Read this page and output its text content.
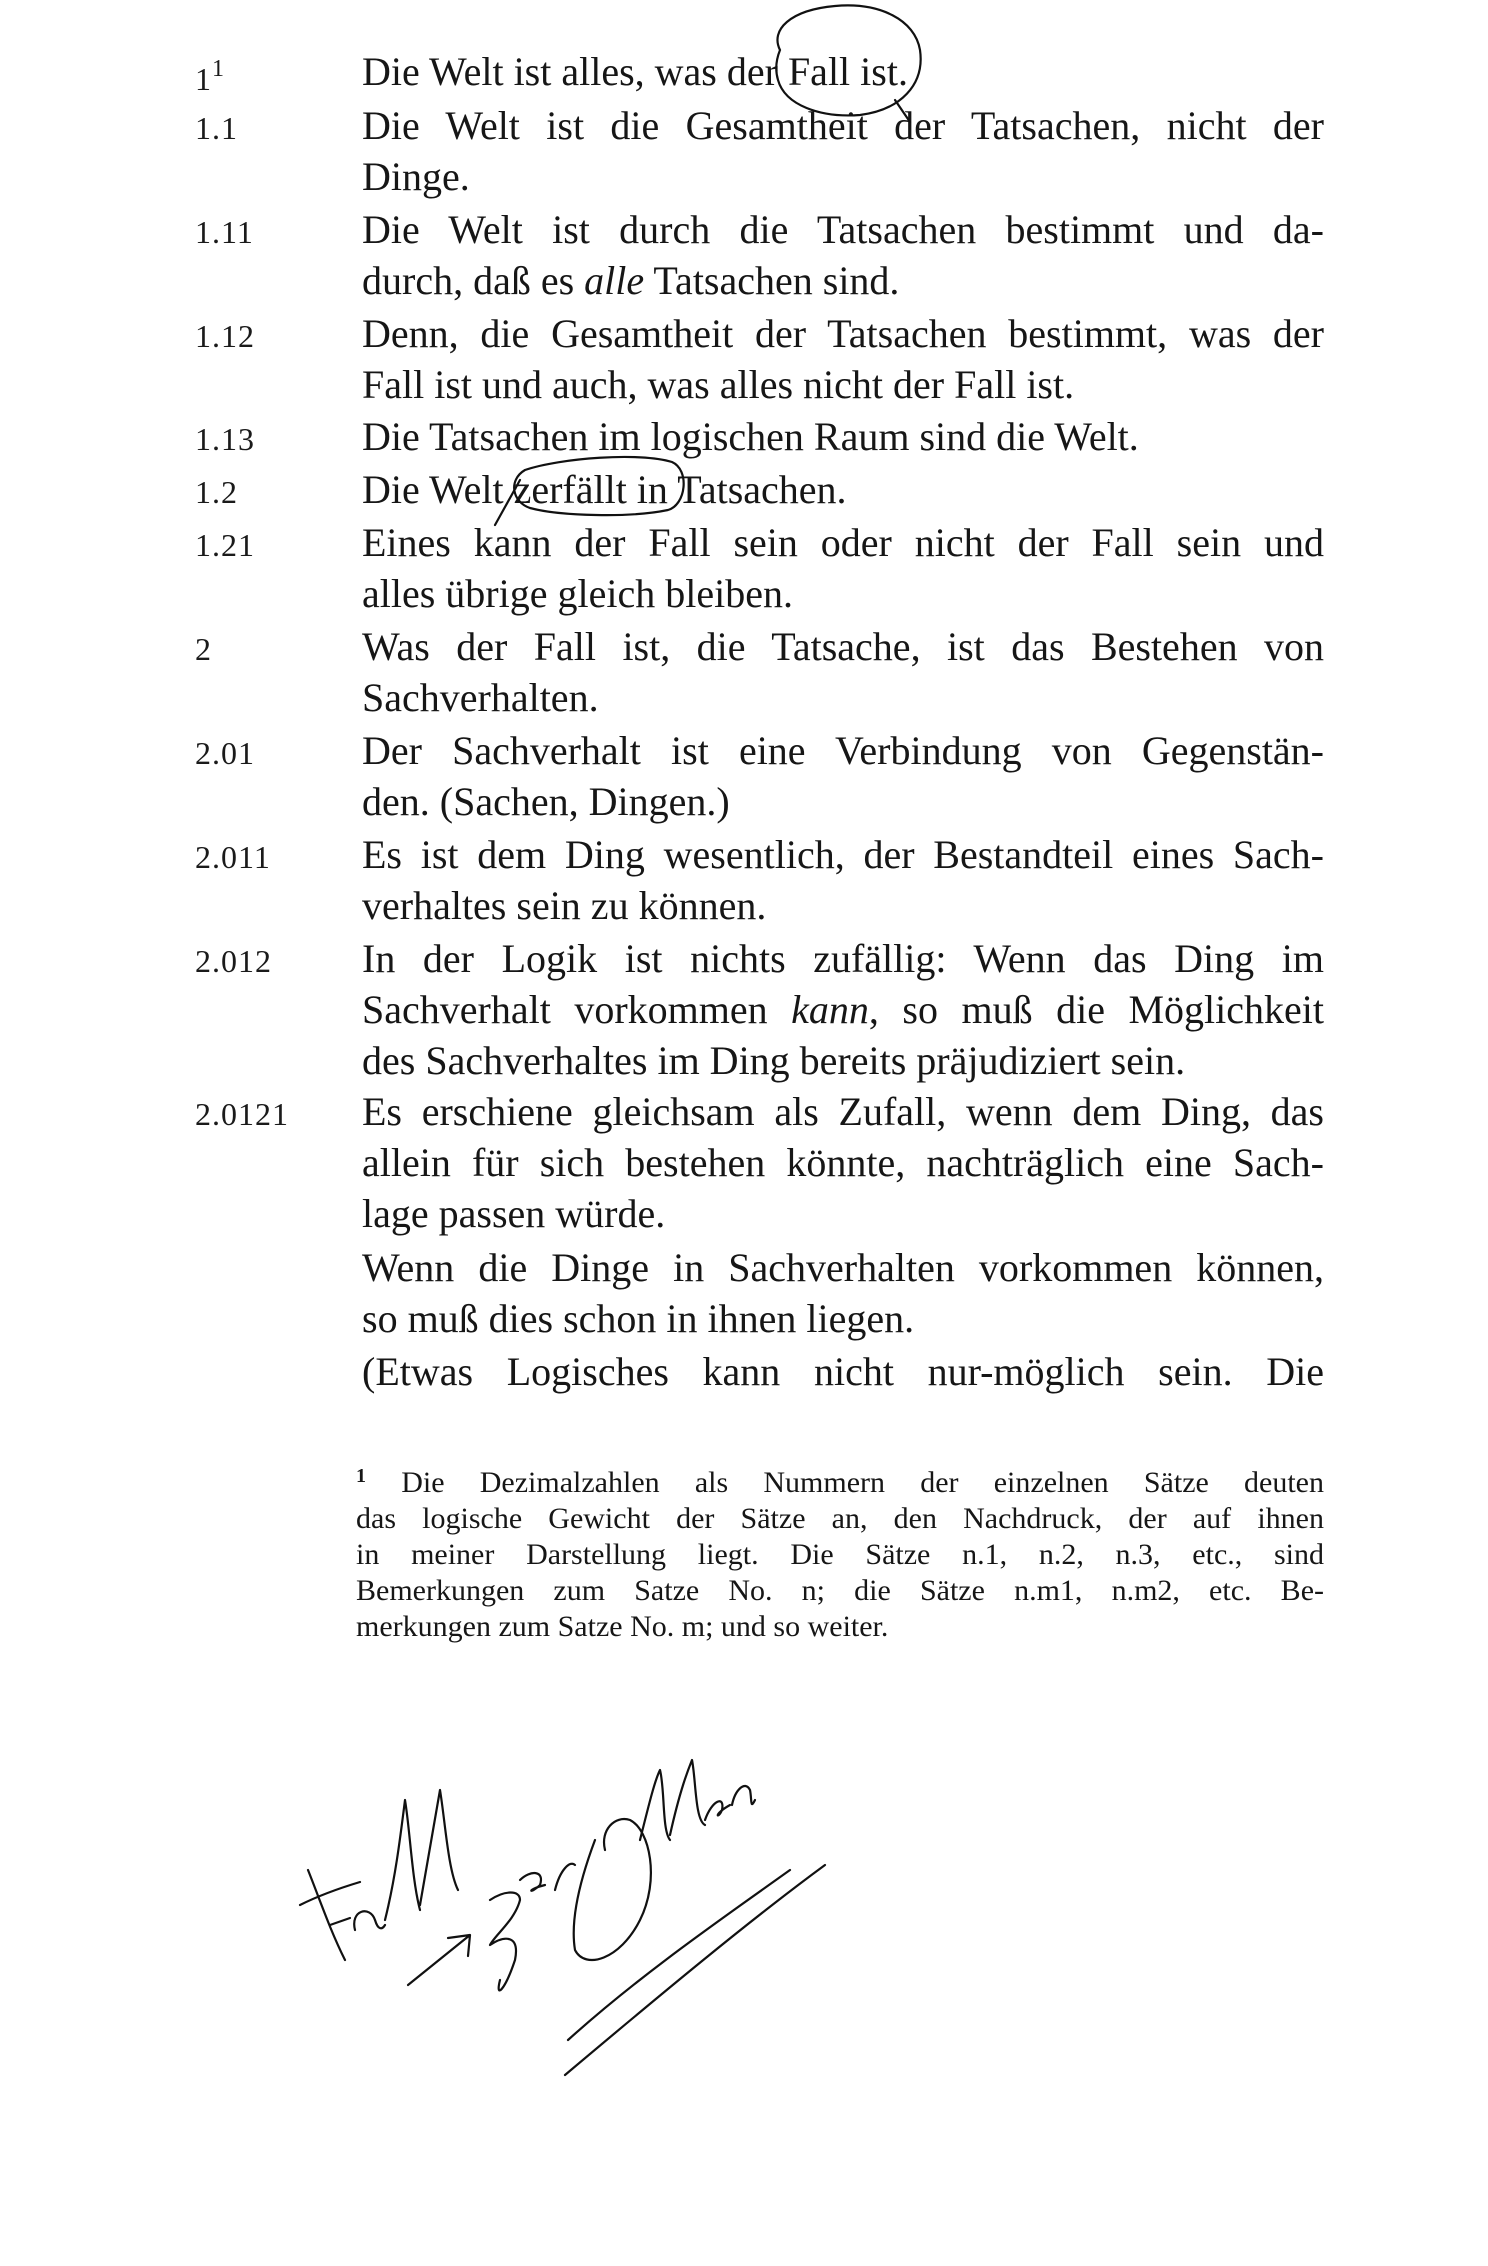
$1^1$	Die Welt ist alles, was der Fall ist.
1.1	Die Welt ist die Gesamtheit der Tatsachen, nicht der
Dinge.
1.11	Die Welt ist durch die Tatsachen bestimmt und da-
durch, daß es alle Tatsachen sind.
1.12	Denn, die Gesamtheit der Tatsachen bestimmt, was der
Fall ist und auch, was alles nicht der Fall ist.
1.13	Die Tatsachen im logischen Raum sind die Welt.
1.2	Die Welt zerfällt in Tatsachen.
1.21	Eines kann der Fall sein oder nicht der Fall sein und
alles übrige gleich bleiben.
2	Was der Fall ist, die Tatsache, ist das Bestehen von
Sachverhalten.
2.01	Der Sachverhalt ist eine Verbindung von Gegenstän-
den. (Sachen, Dingen.)
2.011 Es ist dem Ding wesentlich, der Bestandteil eines Sach-
verhaltes sein zu können.
2.012 In der Logik ist nichts zufällig: Wenn das Ding im
Sachverhalt vorkommen kann, so muß die Möglichkeit
des Sachverhaltes im Ding bereits präjudiziert sein.
2.0121 Es erschiene gleichsam als Zufall, wenn dem Ding, das
allein für sich bestehen könnte, nachträglich eine Sach-
lage passen würde.
Wenn die Dinge in Sachverhalten vorkommen können,
so muß dies schon in ihnen liegen.
(Etwas Logisches kann nicht nur-möglich sein. Die
$^1$ Die Dezimalzahlen als Nummern der einzelnen Sätze deuten
das logische Gewicht der Sätze an, den Nachdruck, der auf ihnen
in meiner Darstellung liegt. Die Sätze n.1, n.2, n.3, etc., sind
Bemerkungen zum Satze No. n; die Sätze n.m1, n.m2, etc. Be-
merkungen zum Satze No. m; und so weiter.
